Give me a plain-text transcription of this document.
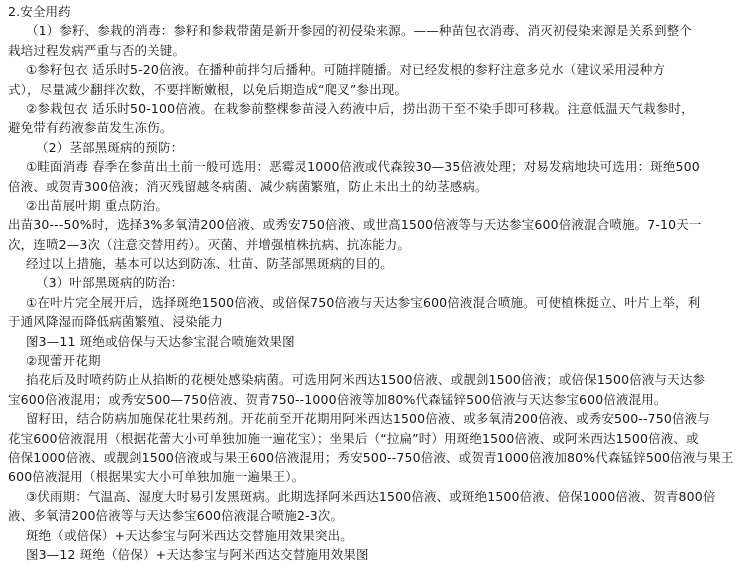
2.安全用药
（1）参籽、参栽的消毒：参籽和参栽带菌是新开参园的初侵染来源。——种苗包衣消毒、消灭初侵染来源是关系到整个
栽培过程发病严重与否的关键。
①参籽包衣 适乐时5-20倍液。在播种前拌匀后播种。可随拌随播。对已经发根的参籽注意多兑水（建议采用浸种方
式），尽量减少翻拌次数，不要拌断嫩根，以免后期造成“爬叉”参出现。
②参栽包衣 适乐时50-100倍液。在栽参前整棵参苗浸入药液中后，捞出沥干至不染手即可移栽。注意低温天气栽参时，
避免带有药液参苗发生冻伤。
（2）茎部黑斑病的预防：
①畦面消毒 春季在参苗出土前一般可选用：恶霉灵1000倍液或代森铵30—35倍液处理；对易发病地块可选用：斑绝500
倍液、或贺青300倍液；消灭残留越冬病菌、减少病菌繁殖，防止未出土的幼茎感病。
②出苗展叶期 重点防治。
出苗30---50%时，选择3%多氧清200倍液、或秀安750倍液、或世高1500倍液等与天达参宝600倍液混合喷施。7-10天一
次，连喷2—3次（注意交替用药）。灭菌、并增强植株抗病、抗冻能力。
经过以上措施，基本可以达到防冻、壮苗、防茎部黑斑病的目的。
（3）叶部黑斑病的防治：
①在叶片完全展开后，选择斑绝1500倍液、或倍保750倍液与天达参宝600倍液混合喷施。可使植株挺立、叶片上举，利
于通风降湿而降低病菌繁殖、浸染能力
图3—11 斑绝或倍保与天达参宝混合喷施效果图
②现蕾开花期
掐花后及时喷药防止从掐断的花梗处感染病菌。可选用阿米西达1500倍液、或靓剑1500倍液；或倍保1500倍液与天达参
宝600倍液混用；或秀安500—750倍液、贺青750--1000倍液等加80%代森锰锌500倍液与天达参宝600倍液混用。
留籽田，结合防病加施保花壮果药剂。开花前至开花期用阿米西达1500倍液、或多氧清200倍液、或秀安500--750倍液与
花宝600倍液混用（根据花蕾大小可单独加施一遍花宝）；坐果后（“拉扁”时）用斑绝1500倍液、或阿米西达1500倍液、或
倍保1000倍液、或靓剑1500倍液或与果王600倍液混用；秀安500--750倍液、或贺青1000倍液加80%代森锰锌500倍液与果王
600倍液混用（根据果实大小可单独加施一遍果王）。
③伏雨期：气温高、湿度大时易引发黑斑病。此期选择阿米西达1500倍液、或斑绝1500倍液、倍保1000倍液、贺青800倍
液、多氧清200倍液等与天达参宝600倍液混合喷施2-3次。
斑绝（或倍保）+天达参宝与阿米西达交替施用效果突出。
图3—12 斑绝（倍保）+天达参宝与阿米西达交替施用效果图
